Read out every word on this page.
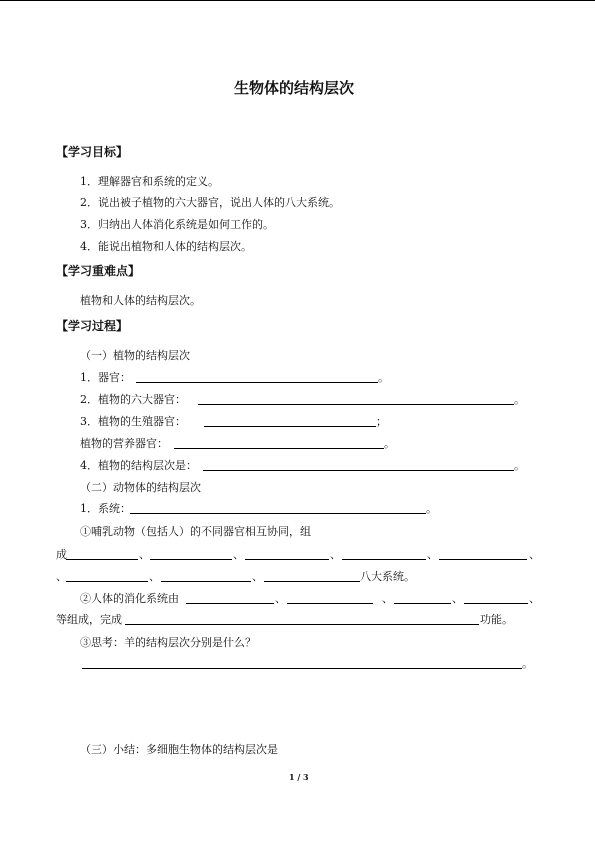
生物体的结构层次
【学习目标】
1．理解器官和系统的定义。
2．说出被子植物的六大器官，说出人体的八大系统。
3．归纳出人体消化系统是如何工作的。
4．能说出植物和人体的结构层次。
【学习重难点】
植物和人体的结构层次。
【学习过程】
（一）植物的结构层次
1．器官：	。
2．植物的六大器官：	。
3．植物的生殖器官：	；
植物的营养器官：	。
4．植物的结构层次是：	。
（二）动物体的结构层次
1．系统：	。
①哺乳动物（包括人）的不同器官相互协同，组
成	、	、	、	、	、
、	、	、	八大系统。
②人体的消化系统由	、	、	、	、
等组成，完成	功能。
③思考：羊的结构层次分别是什么？
。
（三）小结：多细胞生物体的结构层次是
1 / 3
